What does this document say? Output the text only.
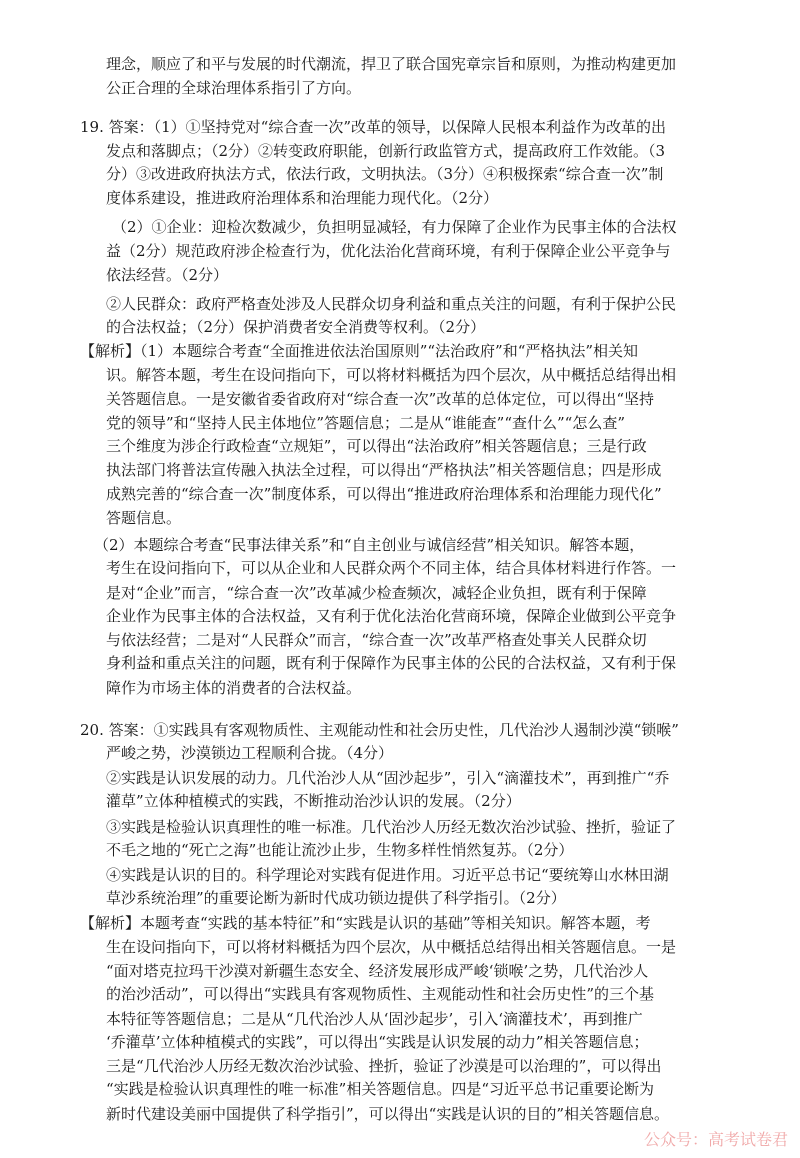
理念，顺应了和平与发展的时代潮流，捍卫了联合国宪章宗旨和原则，为推动构建更加
公正合理的全球治理体系指引了方向。
19. 答案：（1）①坚持党对“综合查一次”改革的领导，以保障人民根本利益作为改革的出
发点和落脚点；（2分）②转变政府职能，创新行政监管方式，提高政府工作效能。（3
分）③改进政府执法方式，依法行政，文明执法。（3分）④积极探索“综合查一次”制
度体系建设，推进政府治理体系和治理能力现代化。（2分）
（2）①企业：迎检次数减少，负担明显减轻，有力保障了企业作为民事主体的合法权
益（2分）规范政府涉企检查行为，优化法治化营商环境，有利于保障企业公平竞争与
依法经营。（2分）
②人民群众：政府严格查处涉及人民群众切身利益和重点关注的问题，有利于保护公民
的合法权益；（2分）保护消费者安全消费等权利。（2分）
【解析】（1）本题综合考查“全面推进依法治国原则”“法治政府”和“严格执法”相关知
识。解答本题，考生在设问指向下，可以将材料概括为四个层次，从中概括总结得出相
关答题信息。一是安徽省委省政府对“综合查一次”改革的总体定位，可以得出“坚持
党的领导”和“坚持人民主体地位”答题信息；二是从“谁能查”“查什么”“怎么查”
三个维度为涉企行政检查“立规矩”，可以得出“法治政府”相关答题信息；三是行政
执法部门将普法宣传融入执法全过程，可以得出“严格执法”相关答题信息；四是形成
成熟完善的“综合查一次”制度体系，可以得出“推进政府治理体系和治理能力现代化”
答题信息。
（2）本题综合考查“民事法律关系”和“自主创业与诚信经营”相关知识。解答本题，
考生在设问指向下，可以从企业和人民群众两个不同主体，结合具体材料进行作答。一
是对“企业”而言，“综合查一次”改革减少检查频次，减轻企业负担，既有利于保障
企业作为民事主体的合法权益，又有利于优化法治化营商环境，保障企业做到公平竞争
与依法经营；二是对“人民群众”而言，“综合查一次”改革严格查处事关人民群众切
身利益和重点关注的问题，既有利于保障作为民事主体的公民的合法权益，又有利于保
障作为市场主体的消费者的合法权益。
20. 答案：①实践具有客观物质性、主观能动性和社会历史性，几代治沙人遏制沙漠“锁喉”
严峻之势，沙漠锁边工程顺利合拢。（4分）
②实践是认识发展的动力。几代治沙人从“固沙起步”，引入“滴灌技术”，再到推广“乔
灌草”立体种植模式的实践，不断推动治沙认识的发展。（2分）
③实践是检验认识真理性的唯一标准。几代治沙人历经无数次治沙试验、挫折，验证了
不毛之地的“死亡之海”也能让流沙止步，生物多样性悄然复苏。（2分）
④实践是认识的目的。科学理论对实践有促进作用。习近平总书记“要统筹山水林田湖
草沙系统治理”的重要论断为新时代成功锁边提供了科学指引。（2分）
【解析】本题考查“实践的基本特征”和“实践是认识的基础”等相关知识。解答本题，考
生在设问指向下，可以将材料概括为四个层次，从中概括总结得出相关答题信息。一是
“面对塔克拉玛干沙漠对新疆生态安全、经济发展形成严峻‘锁喉’之势，几代治沙人
的治沙活动”，可以得出“实践具有客观物质性、主观能动性和社会历史性”的三个基
本特征等答题信息；二是从“几代治沙人从‘固沙起步’，引入‘滴灌技术’，再到推广
‘乔灌草’立体种植模式的实践”，可以得出“实践是认识发展的动力”相关答题信息；
三是“几代治沙人历经无数次治沙试验、挫折，验证了沙漠是可以治理的”，可以得出
“实践是检验认识真理性的唯一标准”相关答题信息。四是“习近平总书记重要论断为
新时代建设美丽中国提供了科学指引”，可以得出“实践是认识的目的”相关答题信息。
公众号：高考试卷君
